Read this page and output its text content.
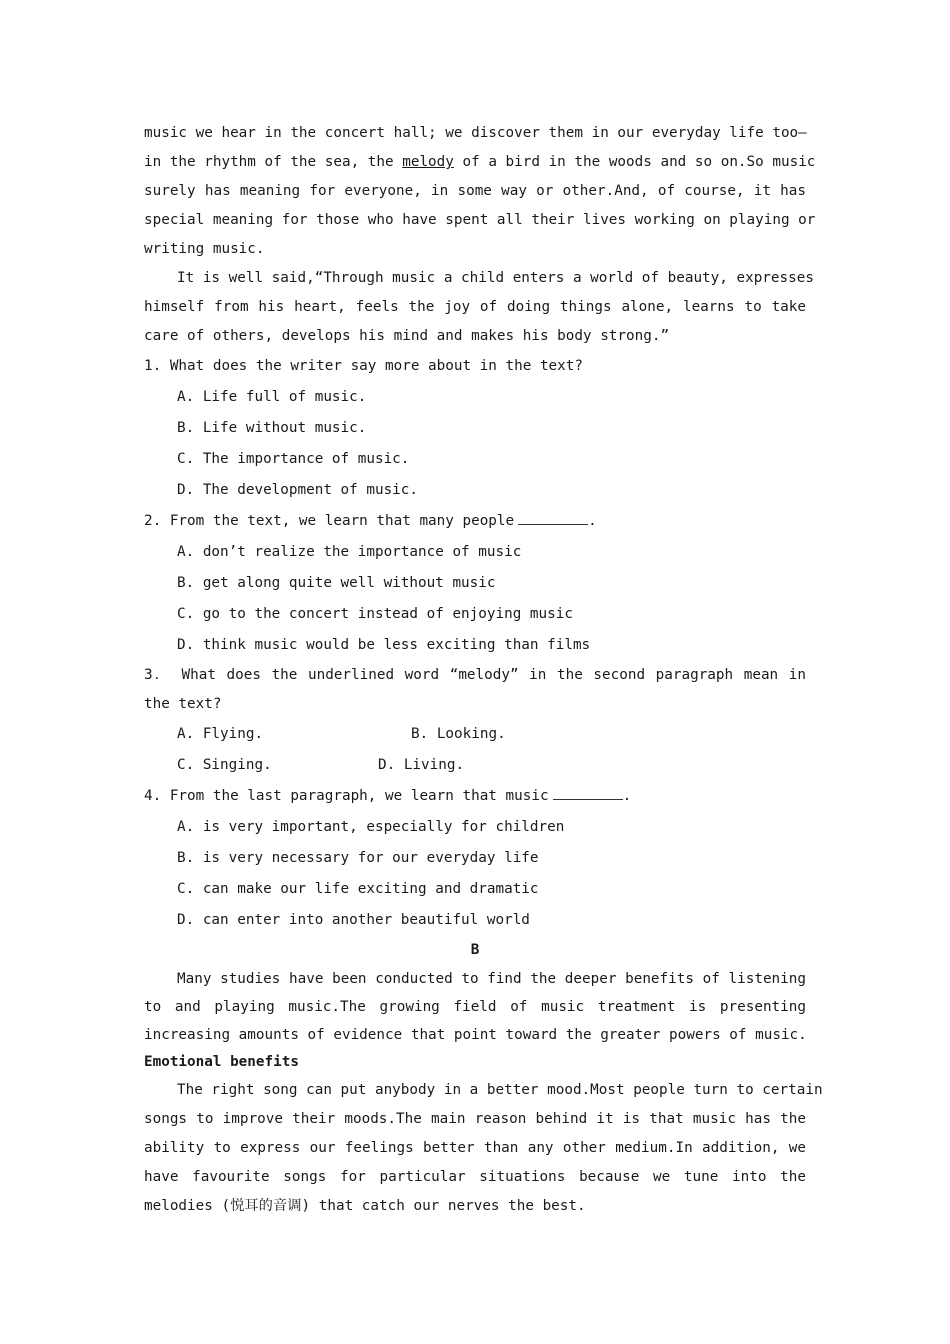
music we hear in the concert hall; we discover them in our everyday life too—
in the rhythm of the sea, the melody of a bird in the woods and so on.So music
surely has meaning for everyone, in some way or other.And, of course, it has
special meaning for those who have spent all their lives working on playing or
writing music.
It is well said,“Through music a child enters a world of beauty, expresses
himself from his heart, feels the joy of doing things alone, learns to take
care of others, develops his mind and makes his body strong.”
1. What does the writer say more about in the text?
A. Life full of music.
B. Life without music.
C. The importance of music.
D. The development of music.
2. From the text, we learn that many people	.
A. don’t realize the importance of music
B. get along quite well without music
C. go to the concert instead of enjoying music
D. think music would be less exciting than films
3． What does the underlined word “melody” in the second paragraph mean in
the text?
A. Flying.	B. Looking.
C. Singing.	D. Living.
4. From the last paragraph, we learn that music	.
A. is very important, especially for children
B. is very necessary for our everyday life
C. can make our life exciting and dramatic
D. can enter into another beautiful world
B
Many studies have been conducted to find the deeper benefits of listening
to and playing music.The growing field of music treatment is presenting
increasing amounts of evidence that point toward the greater powers of music.
Emotional benefits
The right song can put anybody in a better mood.Most people turn to certain
songs to improve their moods.The main reason behind it is that music has the
ability to express our feelings better than any other medium.In addition, we
have favourite songs for particular situations because we tune into the
melodies (悦耳的音调) that catch our nerves the best.
